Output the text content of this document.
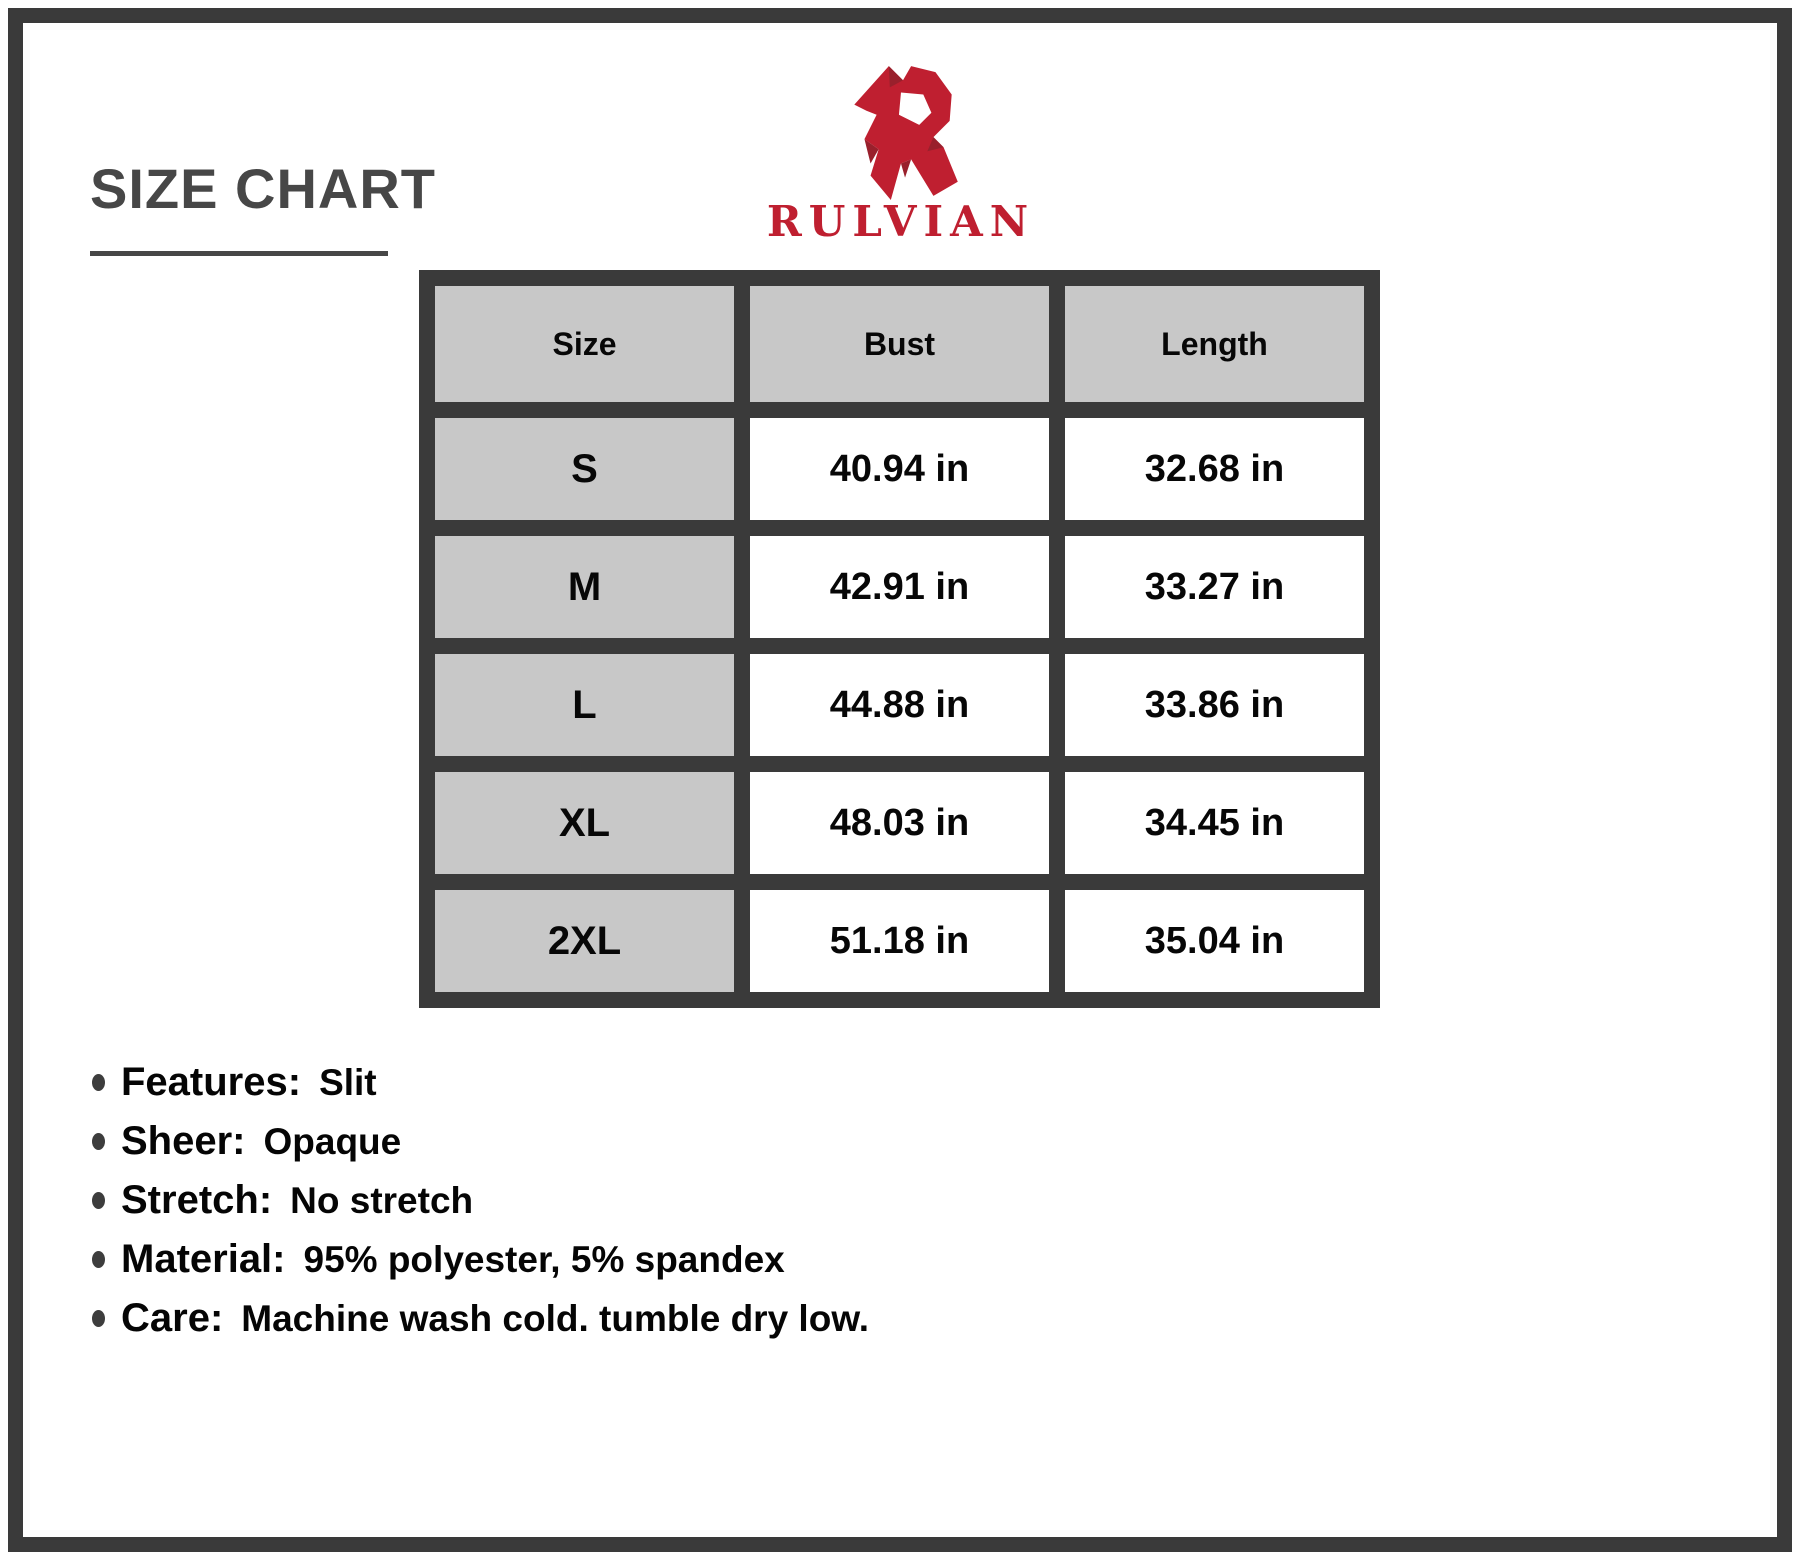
SIZE CHART
RULVIAN
Size	Bust	Length
S	40.94 in	32.68 in
M	42.91 in	33.27 in
L	44.88 in	33.86 in
XL	48.03 in	34.45 in
2XL	51.18 in	35.04 in
Features: Slit
Sheer: Opaque
Stretch: No stretch
Material: 95% polyester, 5% spandex
Care: Machine wash cold. tumble dry low.
